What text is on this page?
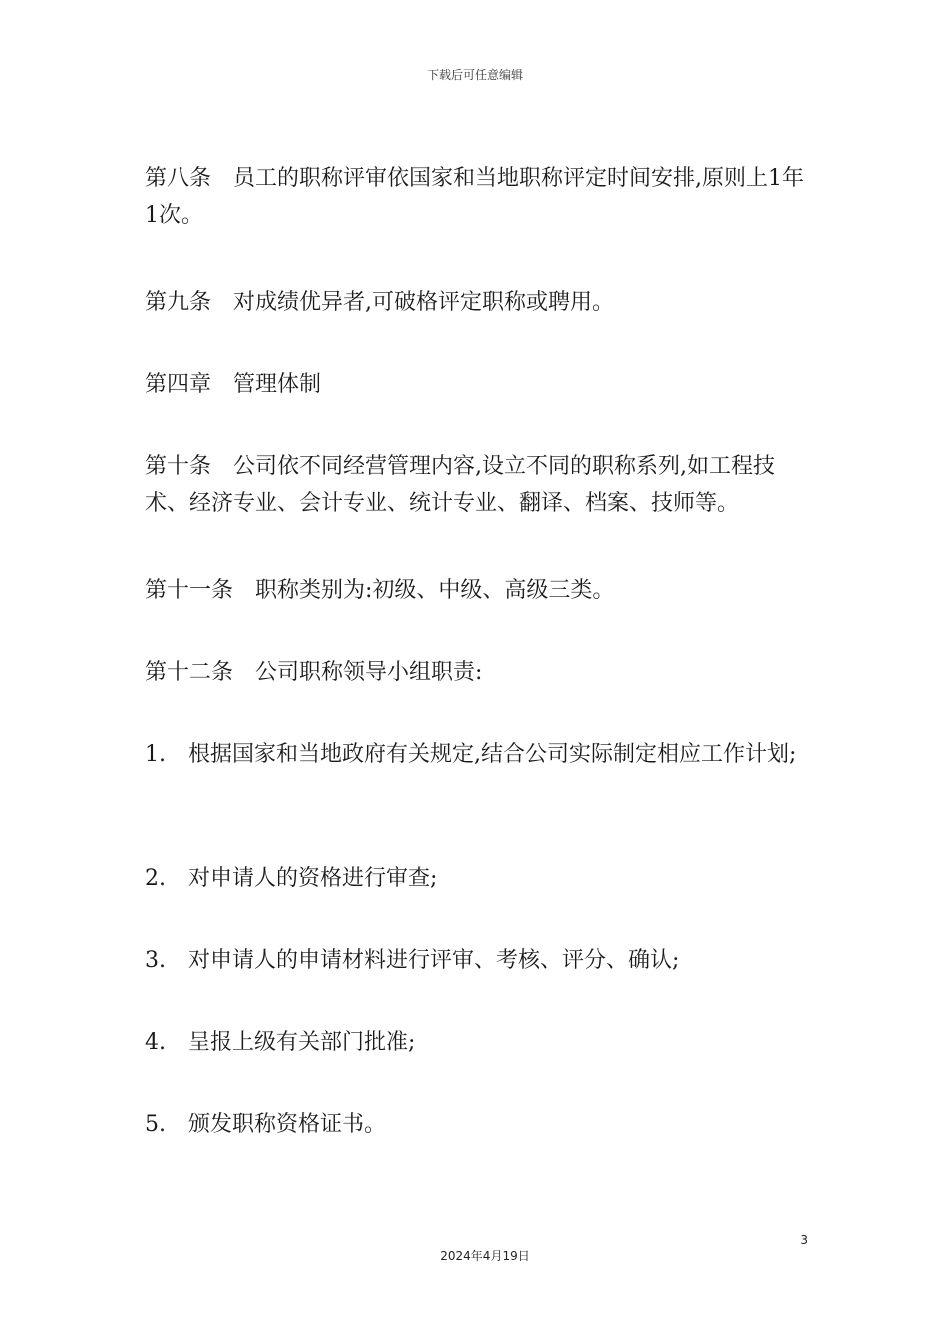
下载后可任意编辑

第八条　员工的职称评审依国家和当地职称评定时间安排,原则上1年1次。

第九条　对成绩优异者,可破格评定职称或聘用。

第四章　管理体制

第十条　公司依不同经营管理内容,设立不同的职称系列,如工程技术、经济专业、会计专业、统计专业、翻译、档案、技师等。

第十一条　职称类别为:初级、中级、高级三类。

第十二条　公司职称领导小组职责:

1.　根据国家和当地政府有关规定,结合公司实际制定相应工作计划;

2.　对申请人的资格进行审查;

3.　对申请人的申请材料进行评审、考核、评分、确认;

4.　呈报上级有关部门批准;

5.　颁发职称资格证书。

3
2024年4月19日
